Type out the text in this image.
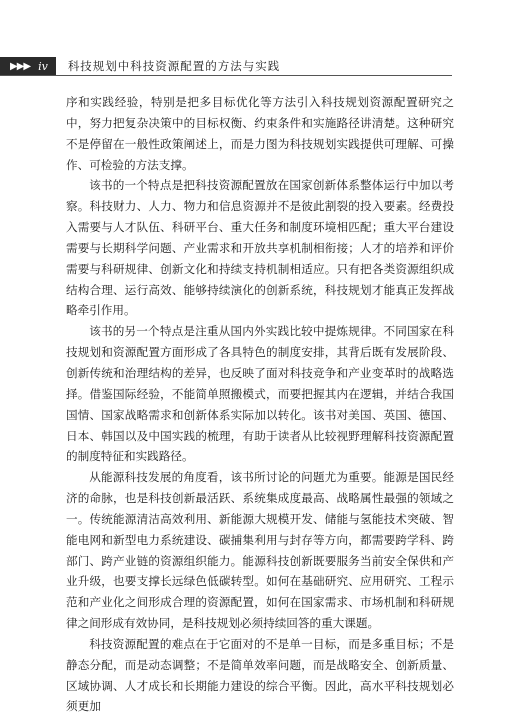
▶▶▶ iv 科技规划中科技资源配置的方法与实践

序和实践经验，特别是把多目标优化等方法引入科技规划资源配置研究之中，努力把复杂决策中的目标权衡、约束条件和实施路径讲清楚。这种研究不是停留在一般性政策阐述上，而是力图为科技规划实践提供可理解、可操作、可检验的方法支撑。

该书的一个特点是把科技资源配置放在国家创新体系整体运行中加以考察。科技财力、人力、物力和信息资源并不是彼此割裂的投入要素。经费投入需要与人才队伍、科研平台、重大任务和制度环境相匹配；重大平台建设需要与长期科学问题、产业需求和开放共享机制相衔接；人才的培养和评价需要与科研规律、创新文化和持续支持机制相适应。只有把各类资源组织成结构合理、运行高效、能够持续演化的创新系统，科技规划才能真正发挥战略牵引作用。

该书的另一个特点是注重从国内外实践比较中提炼规律。不同国家在科技规划和资源配置方面形成了各具特色的制度安排，其背后既有发展阶段、创新传统和治理结构的差异，也反映了面对科技竞争和产业变革时的战略选择。借鉴国际经验，不能简单照搬模式，而要把握其内在逻辑，并结合我国国情、国家战略需求和创新体系实际加以转化。该书对美国、英国、德国、日本、韩国以及中国实践的梳理，有助于读者从比较视野理解科技资源配置的制度特征和实践路径。

从能源科技发展的角度看，该书所讨论的问题尤为重要。能源是国民经济的命脉，也是科技创新最活跃、系统集成度最高、战略属性最强的领域之一。传统能源清洁高效利用、新能源大规模开发、储能与氢能技术突破、智能电网和新型电力系统建设、碳捕集利用与封存等方向，都需要跨学科、跨部门、跨产业链的资源组织能力。能源科技创新既要服务当前安全保供和产业升级，也要支撑长远绿色低碳转型。如何在基础研究、应用研究、工程示范和产业化之间形成合理的资源配置，如何在国家需求、市场机制和科研规律之间形成有效协同，是科技规划必须持续回答的重大课题。

科技资源配置的难点在于它面对的不是单一目标，而是多重目标；不是静态分配，而是动态调整；不是简单效率问题，而是战略安全、创新质量、区域协调、人才成长和长期能力建设的综合平衡。因此，高水平科技规划必须更加
